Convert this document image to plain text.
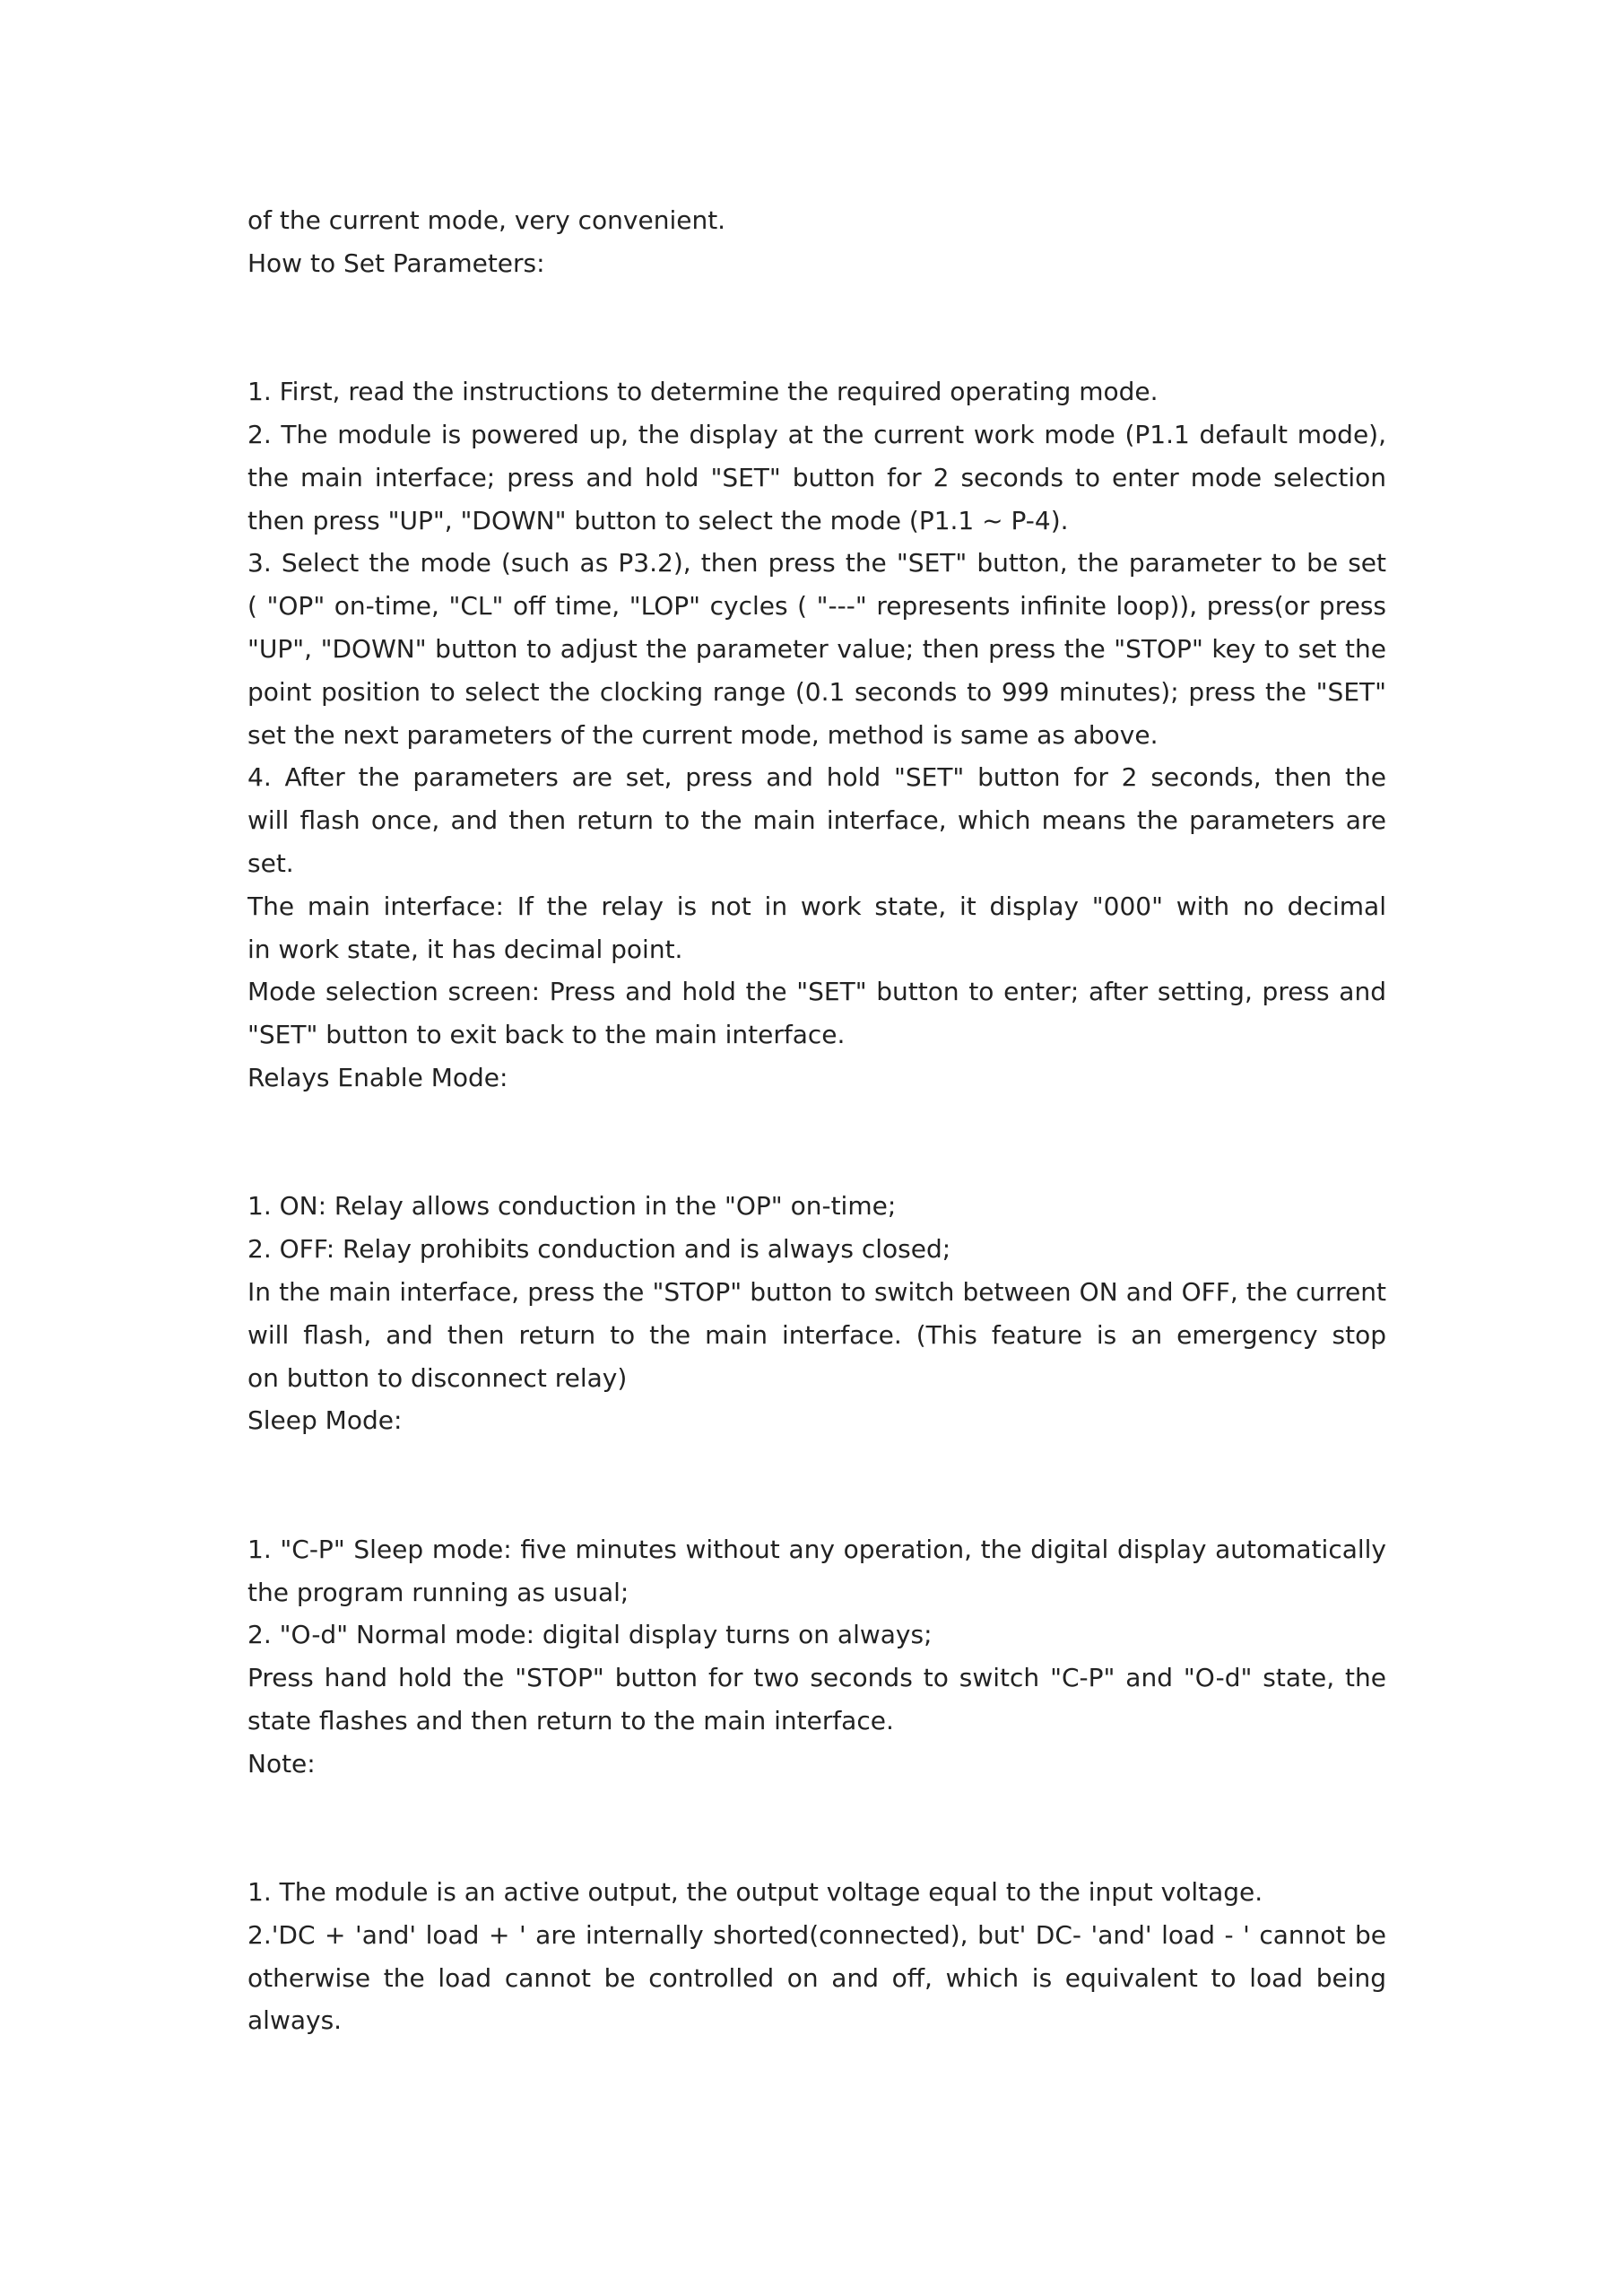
of the current mode, very convenient.
How to Set Parameters:
1. First, read the instructions to determine the required operating mode.
2. The module is powered up, the display at the current work mode (P1.1 default mode),
the main interface; press and hold "SET" button for 2 seconds to enter mode selection
then press "UP", "DOWN" button to select the mode (P1.1 ~ P-4).
3. Select the mode (such as P3.2), then press the "SET" button, the parameter to be set
( "OP" on-time, "CL" off time, "LOP" cycles ( "---" represents infinite loop)), press(or press
"UP", "DOWN" button to adjust the parameter value; then press the "STOP" key to set the
point position to select the clocking range (0.1 seconds to 999 minutes); press the "SET"
set the next parameters of the current mode, method is same as above.
4. After the parameters are set, press and hold "SET" button for 2 seconds, then the
will flash once, and then return to the main interface, which means the parameters are
set.
The main interface: If the relay is not in work state, it display "000" with no decimal
in work state, it has decimal point.
Mode selection screen: Press and hold the "SET" button to enter; after setting, press and
"SET" button to exit back to the main interface.
Relays Enable Mode:
1. ON: Relay allows conduction in the "OP" on-time;
2. OFF: Relay prohibits conduction and is always closed;
In the main interface, press the "STOP" button to switch between ON and OFF, the current
will flash, and then return to the main interface. (This feature is an emergency stop
on button to disconnect relay)
Sleep Mode:
1. "C-P" Sleep mode: five minutes without any operation, the digital display automatically
the program running as usual;
2. "O-d" Normal mode: digital display turns on always;
Press hand hold the "STOP" button for two seconds to switch "C-P" and "O-d" state, the
state flashes and then return to the main interface.
Note:
1. The module is an active output, the output voltage equal to the input voltage.
2.'DC + 'and' load + ' are internally shorted(connected), but' DC- 'and' load - ' cannot be
otherwise the load cannot be controlled on and off, which is equivalent to load being
always.
